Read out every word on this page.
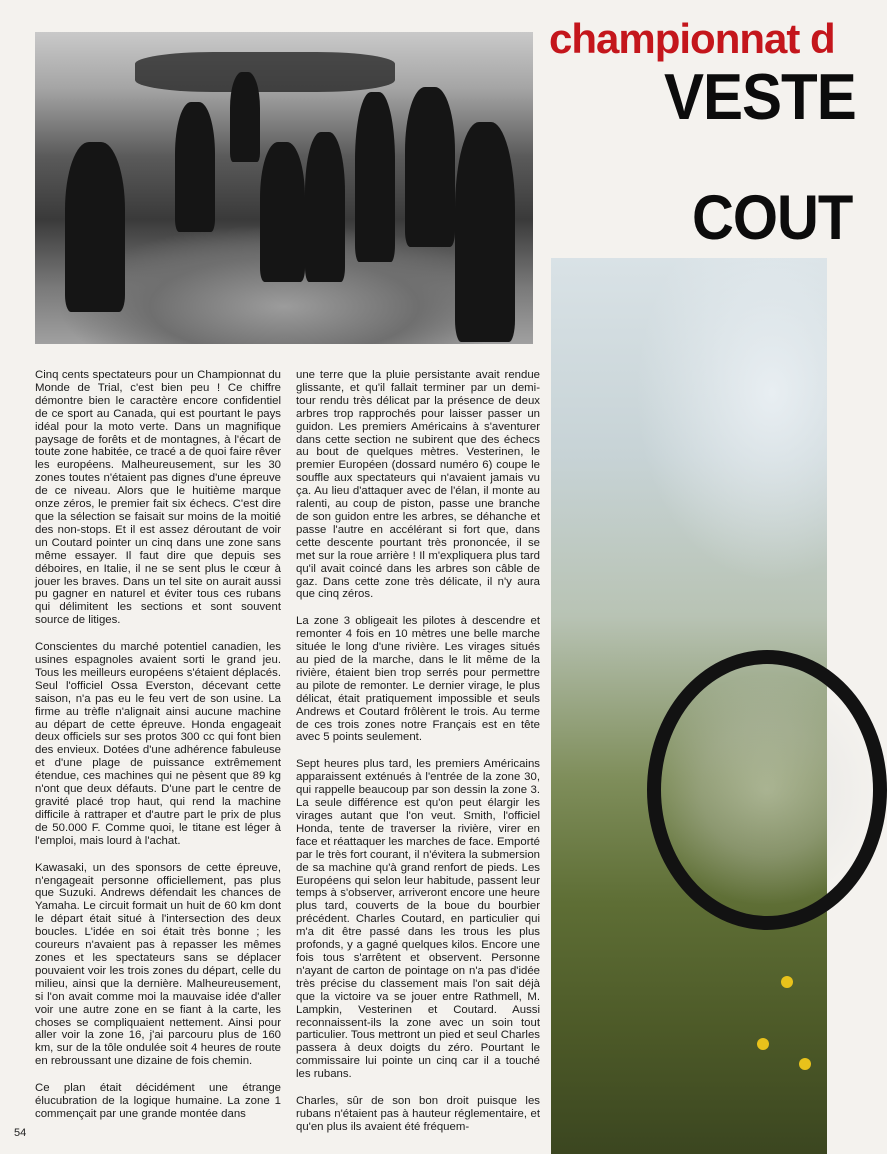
championnat d
VESTE
COUT

Cinq cents spectateurs pour un Championnat du Monde de Trial, c'est bien peu ! Ce chiffre démontre bien le caractère encore confidentiel de ce sport au Canada, qui est pourtant le pays idéal pour la moto verte. Dans un magnifique paysage de forêts et de montagnes, à l'écart de toute zone habitée, ce tracé a de quoi faire rêver les européens. Malheureusement, sur les 30 zones toutes n'étaient pas dignes d'une épreuve de ce niveau. Alors que le huitième marque onze zéros, le premier fait six échecs. C'est dire que la sélection se faisait sur moins de la moitié des non-stops. Et il est assez déroutant de voir un Coutard pointer un cinq dans une zone sans même essayer. Il faut dire que depuis ses déboires, en Italie, il ne se sent plus le cœur à jouer les braves. Dans un tel site on aurait aussi pu gagner en naturel et éviter tous ces rubans qui délimitent les sections et sont souvent source de litiges.

Conscientes du marché potentiel canadien, les usines espagnoles avaient sorti le grand jeu. Tous les meilleurs européens s'étaient déplacés. Seul l'officiel Ossa Everston, décevant cette saison, n'a pas eu le feu vert de son usine. La firme au trèfle n'alignait ainsi aucune machine au départ de cette épreuve. Honda engageait deux officiels sur ses protos 300 cc qui font bien des envieux. Dotées d'une adhérence fabuleuse et d'une plage de puissance extrêmement étendue, ces machines qui ne pèsent que 89 kg n'ont que deux défauts. D'une part le centre de gravité placé trop haut, qui rend la machine difficile à rattraper et d'autre part le prix de plus de 50.000 F. Comme quoi, le titane est léger à l'emploi, mais lourd à l'achat.

Kawasaki, un des sponsors de cette épreuve, n'engageait personne officiellement, pas plus que Suzuki. Andrews défendait les chances de Yamaha. Le circuit formait un huit de 60 km dont le départ était situé à l'intersection des deux boucles. L'idée en soi était très bonne ; les coureurs n'avaient pas à repasser les mêmes zones et les spectateurs sans se déplacer pouvaient voir les trois zones du départ, celle du milieu, ainsi que la dernière. Malheureusement, si l'on avait comme moi la mauvaise idée d'aller voir une autre zone en se fiant à la carte, les choses se compliquaient nettement. Ainsi pour aller voir la zone 16, j'ai parcouru plus de 160 km, sur de la tôle ondulée soit 4 heures de route en rebroussant une dizaine de fois chemin.

Ce plan était décidément une étrange élucubration de la logique humaine. La zone 1 commençait par une grande montée dans

une terre que la pluie persistante avait rendue glissante, et qu'il fallait terminer par un demi-tour rendu très délicat par la présence de deux arbres trop rapprochés pour laisser passer un guidon. Les premiers Américains à s'aventurer dans cette section ne subirent que des échecs au bout de quelques mètres. Vesterinen, le premier Européen (dossard numéro 6) coupe le souffle aux spectateurs qui n'avaient jamais vu ça. Au lieu d'attaquer avec de l'élan, il monte au ralenti, au coup de piston, passe une branche de son guidon entre les arbres, se déhanche et passe l'autre en accélérant si fort que, dans cette descente pourtant très prononcée, il se met sur la roue arrière ! Il m'expliquera plus tard qu'il avait coincé dans les arbres son câble de gaz. Dans cette zone très délicate, il n'y aura que cinq zéros.

La zone 3 obligeait les pilotes à descendre et remonter 4 fois en 10 mètres une belle marche située le long d'une rivière. Les virages situés au pied de la marche, dans le lit même de la rivière, étaient bien trop serrés pour permettre au pilote de remonter. Le dernier virage, le plus délicat, était pratiquement impossible et seuls Andrews et Coutard frôlèrent le trois. Au terme de ces trois zones notre Français est en tête avec 5 points seulement.

Sept heures plus tard, les premiers Américains apparaissent exténués à l'entrée de la zone 30, qui rappelle beaucoup par son dessin la zone 3. La seule différence est qu'on peut élargir les virages autant que l'on veut. Smith, l'officiel Honda, tente de traverser la rivière, virer en face et réattaquer les marches de face. Emporté par le très fort courant, il n'évitera la submersion de sa machine qu'à grand renfort de pieds. Les Européens qui selon leur habitude, passent leur temps à s'observer, arriveront encore une heure plus tard, couverts de la boue du bourbier précédent. Charles Coutard, en particulier qui m'a dit être passé dans les trous les plus profonds, y a gagné quelques kilos. Encore une fois tous s'arrêtent et observent. Personne n'ayant de carton de pointage on n'a pas d'idée très précise du classement mais l'on sait déjà que la victoire va se jouer entre Rathmell, M. Lampkin, Vesterinen et Coutard. Aussi reconnaissent-ils la zone avec un soin tout particulier. Tous mettront un pied et seul Charles passera à deux doigts du zéro. Pourtant le commissaire lui pointe un cinq car il a touché les rubans.

Charles, sûr de son bon droit puisque les rubans n'étaient pas à hauteur réglementaire, et qu'en plus ils avaient été fréquem-

54
